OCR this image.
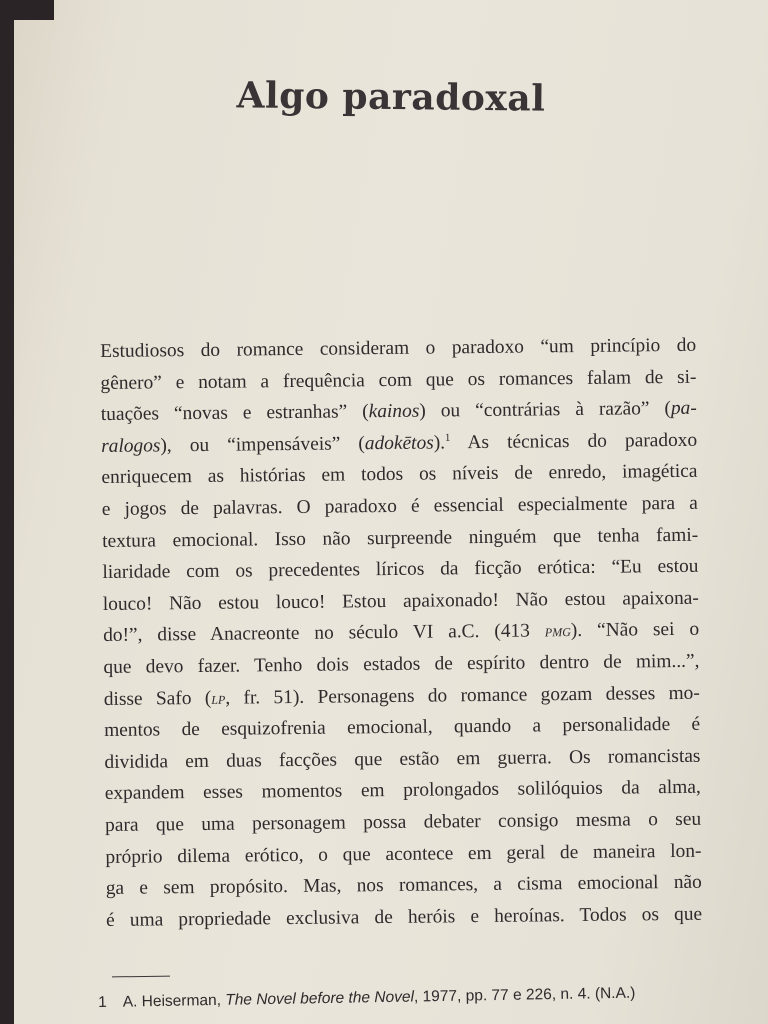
Algo paradoxal
Estudiosos do romance consideram o paradoxo “um princípio do
gênero” e notam a frequência com que os romances falam de si-
tuações “novas e estranhas” (kainos) ou “contrárias à razão” (pa-
ralogos), ou “impensáveis” (adokētos).$^1$ As técnicas do paradoxo
enriquecem as histórias em todos os níveis de enredo, imagética
e jogos de palavras. O paradoxo é essencial especialmente para a
textura emocional. Isso não surpreende ninguém que tenha fami-
liaridade com os precedentes líricos da ficção erótica: “Eu estou
louco! Não estou louco! Estou apaixonado! Não estou apaixona-
do!”, disse Anacreonte no século VI a.C. (413 pmg). “Não sei o
que devo fazer. Tenho dois estados de espírito dentro de mim...”,
disse Safo (lp, fr. 51). Personagens do romance gozam desses mo-
mentos de esquizofrenia emocional, quando a personalidade é
dividida em duas facções que estão em guerra. Os romancistas
expandem esses momentos em prolongados solilóquios da alma,
para que uma personagem possa debater consigo mesma o seu
próprio dilema erótico, o que acontece em geral de maneira lon-
ga e sem propósito. Mas, nos romances, a cisma emocional não
é uma propriedade exclusiva de heróis e heroínas. Todos os que
1 A. Heiserman, The Novel before the Novel, 1977, pp. 77 e 226, n. 4. (N.A.)
